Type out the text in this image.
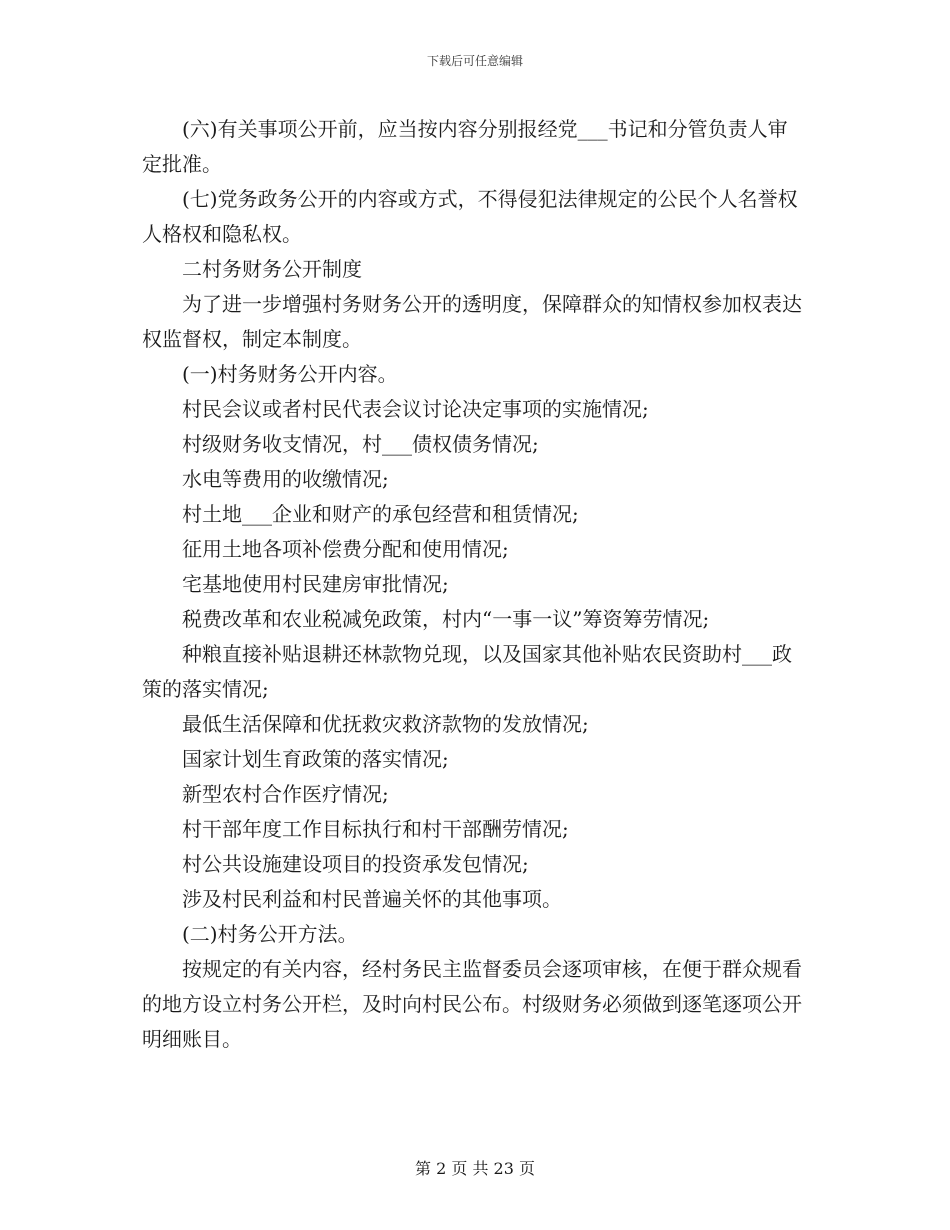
下载后可任意编辑

(六)有关事项公开前，应当按内容分别报经党___书记和分管负责人审定批准。

(七)党务政务公开的内容或方式，不得侵犯法律规定的公民个人名誉权人格权和隐私权。

二村务财务公开制度

为了进一步增强村务财务公开的透明度，保障群众的知情权参加权表达权监督权，制定本制度。

(一)村务财务公开内容。

村民会议或者村民代表会议讨论决定事项的实施情况;

村级财务收支情况，村___债权债务情况;

水电等费用的收缴情况;

村土地___企业和财产的承包经营和租赁情况;

征用土地各项补偿费分配和使用情况;

宅基地使用村民建房审批情况;

税费改革和农业税减免政策，村内“一事一议”筹资筹劳情况;

种粮直接补贴退耕还林款物兑现，以及国家其他补贴农民资助村___政策的落实情况;

最低生活保障和优抚救灾救济款物的发放情况;

国家计划生育政策的落实情况;

新型农村合作医疗情况;

村干部年度工作目标执行和村干部酬劳情况;

村公共设施建设项目的投资承发包情况;

涉及村民利益和村民普遍关怀的其他事项。

(二)村务公开方法。

按规定的有关内容，经村务民主监督委员会逐项审核，在便于群众规看的地方设立村务公开栏，及时向村民公布。村级财务必须做到逐笔逐项公开明细账目。

第 2 页 共 23 页
